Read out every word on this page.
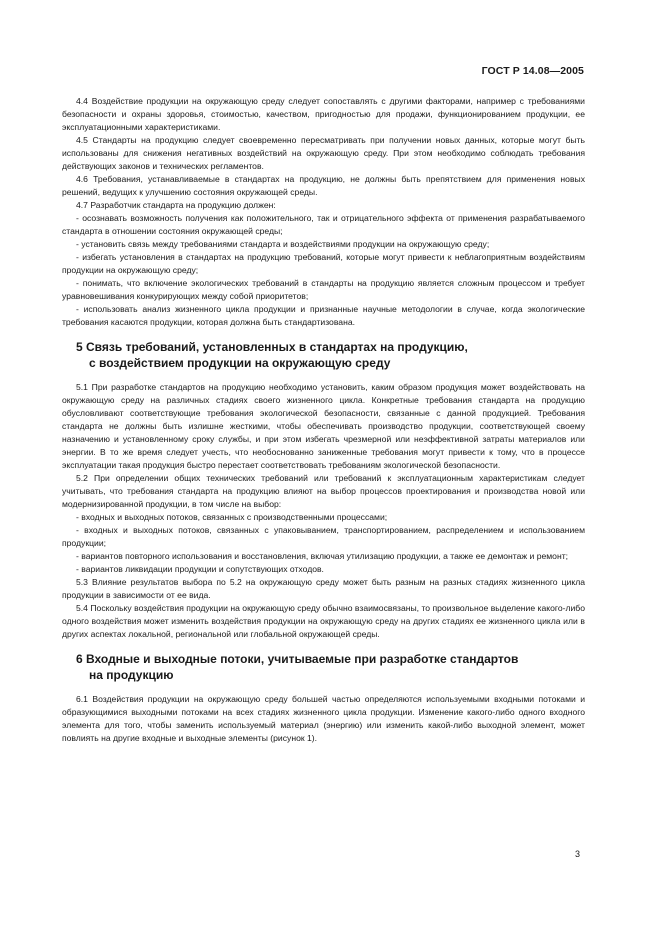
ГОСТ Р 14.08—2005

4.4 Воздействие продукции на окружающую среду следует сопоставлять с другими факторами, например с требованиями безопасности и охраны здоровья, стоимостью, качеством, пригодностью для продажи, функционированием продукции, ее эксплуатационными характеристиками.

4.5 Стандарты на продукцию следует своевременно пересматривать при получении новых данных, которые могут быть использованы для снижения негативных воздействий на окружающую среду. При этом необходимо соблюдать требования действующих законов и технических регламентов.

4.6 Требования, устанавливаемые в стандартах на продукцию, не должны быть препятствием для применения новых решений, ведущих к улучшению состояния окружающей среды.

4.7 Разработчик стандарта на продукцию должен:

- осознавать возможность получения как положительного, так и отрицательного эффекта от применения разрабатываемого стандарта в отношении состояния окружающей среды;

- установить связь между требованиями стандарта и воздействиями продукции на окружающую среду;

- избегать установления в стандартах на продукцию требований, которые могут привести к неблагоприятным воздействиям продукции на окружающую среду;

- понимать, что включение экологических требований в стандарты на продукцию является сложным процессом и требует уравновешивания конкурирующих между собой приоритетов;

- использовать анализ жизненного цикла продукции и признанные научные методологии в случае, когда экологические требования касаются продукции, которая должна быть стандартизована.

5 Связь требований, установленных в стандартах на продукцию,
с воздействием продукции на окружающую среду

5.1 При разработке стандартов на продукцию необходимо установить, каким образом продукция может воздействовать на окружающую среду на различных стадиях своего жизненного цикла. Конкретные требования стандарта на продукцию обусловливают соответствующие требования экологической безопасности, связанные с данной продукцией. Требования стандарта не должны быть излишне жесткими, чтобы обеспечивать производство продукции, соответствующей своему назначению и установленному сроку службы, и при этом избегать чрезмерной или неэффективной затраты материалов или энергии. В то же время следует учесть, что необоснованно заниженные требования могут привести к тому, что в процессе эксплуатации такая продукция быстро перестает соответствовать требованиям экологической безопасности.

5.2 При определении общих технических требований или требований к эксплуатационным характеристикам следует учитывать, что требования стандарта на продукцию влияют на выбор процессов проектирования и производства новой или модернизированной продукции, в том числе на выбор:

- входных и выходных потоков, связанных с производственными процессами;

- входных и выходных потоков, связанных с упаковыванием, транспортированием, распределением и использованием продукции;

- вариантов повторного использования и восстановления, включая утилизацию продукции, а также ее демонтаж и ремонт;

- вариантов ликвидации продукции и сопутствующих отходов.

5.3 Влияние результатов выбора по 5.2 на окружающую среду может быть разным на разных стадиях жизненного цикла продукции в зависимости от ее вида.

5.4 Поскольку воздействия продукции на окружающую среду обычно взаимосвязаны, то произвольное выделение какого-либо одного воздействия может изменить воздействия продукции на окружающую среду на других стадиях ее жизненного цикла или в других аспектах локальной, региональной или глобальной окружающей среды.

6 Входные и выходные потоки, учитываемые при разработке стандартов
на продукцию

6.1 Воздействия продукции на окружающую среду большей частью определяются используемыми входными потоками и образующимися выходными потоками на всех стадиях жизненного цикла продукции. Изменение какого-либо одного входного элемента для того, чтобы заменить используемый материал (энергию) или изменить какой-либо выходной элемент, может повлиять на другие входные и выходные элементы (рисунок 1).

3
